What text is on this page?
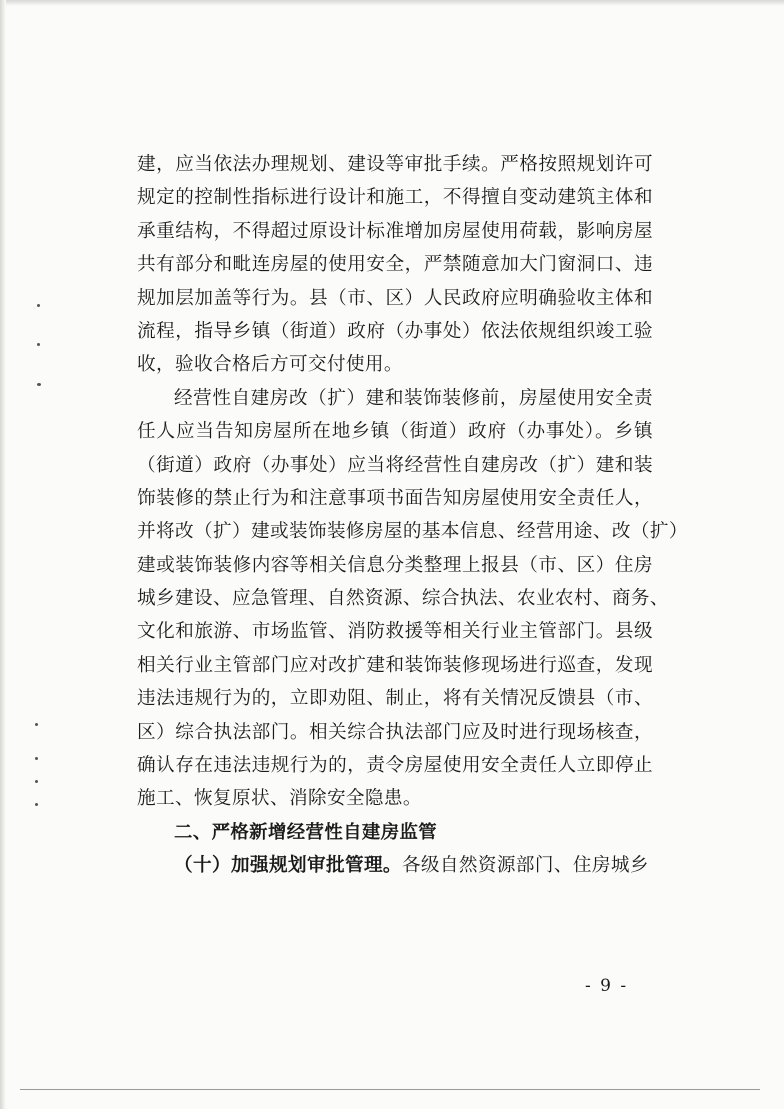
建，应当依法办理规划、建设等审批手续。严格按照规划许可
规定的控制性指标进行设计和施工，不得擅自变动建筑主体和
承重结构，不得超过原设计标准增加房屋使用荷载，影响房屋
共有部分和毗连房屋的使用安全，严禁随意加大门窗洞口、违
规加层加盖等行为。县（市、区）人民政府应明确验收主体和
流程，指导乡镇（街道）政府（办事处）依法依规组织竣工验
收，验收合格后方可交付使用。
经营性自建房改（扩）建和装饰装修前，房屋使用安全责
任人应当告知房屋所在地乡镇（街道）政府（办事处）。乡镇
（街道）政府（办事处）应当将经营性自建房改（扩）建和装
饰装修的禁止行为和注意事项书面告知房屋使用安全责任人，
并将改（扩）建或装饰装修房屋的基本信息、经营用途、改（扩）
建或装饰装修内容等相关信息分类整理上报县（市、区）住房
城乡建设、应急管理、自然资源、综合执法、农业农村、商务、
文化和旅游、市场监管、消防救援等相关行业主管部门。县级
相关行业主管部门应对改扩建和装饰装修现场进行巡查，发现
违法违规行为的，立即劝阻、制止，将有关情况反馈县（市、
区）综合执法部门。相关综合执法部门应及时进行现场核查，
确认存在违法违规行为的，责令房屋使用安全责任人立即停止
施工、恢复原状、消除安全隐患。
二、严格新增经营性自建房监管
（十）加强规划审批管理。各级自然资源部门、住房城乡
- 9 -
